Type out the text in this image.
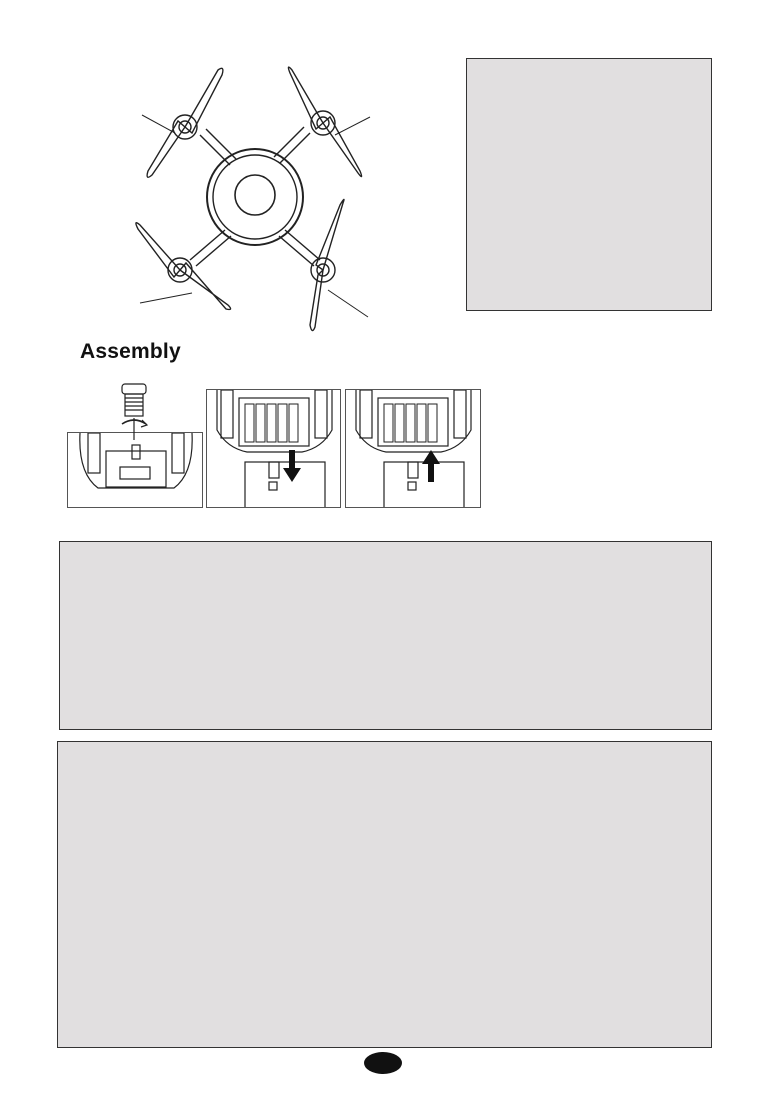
Assembly
